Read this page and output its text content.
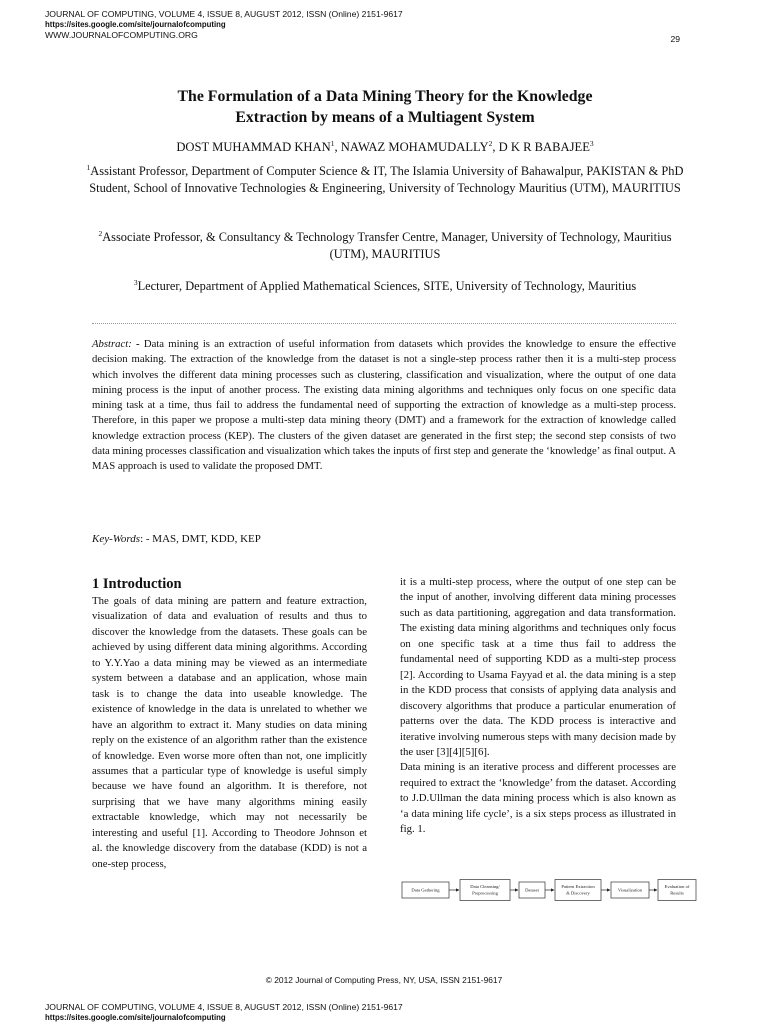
JOURNAL OF COMPUTING, VOLUME 4, ISSUE 8, AUGUST 2012, ISSN (Online) 2151-9617
https://sites.google.com/site/journalofcomputing
WWW.JOURNALOFCOMPUTING.ORG	29
The Formulation of a Data Mining Theory for the Knowledge
Extraction by means of a Multiagent System
DOST MUHAMMAD KHAN$^1$, NAWAZ MOHAMUDALLY$^2$, D K R BABAJEE$^3$
$^1$Assistant Professor, Department of Computer Science & IT, The Islamia University of Bahawalpur, PAKISTAN & PhD Student, School of Innovative Technologies & Engineering, University of Technology Mauritius (UTM), MAURITIUS
$^2$Associate Professor, & Consultancy & Technology Transfer Centre, Manager, University of Technology, Mauritius (UTM), MAURITIUS
$^3$Lecturer, Department of Applied Mathematical Sciences, SITE, University of Technology, Mauritius
Abstract: - Data mining is an extraction of useful information from datasets which provides the knowledge to ensure the effective decision making. The extraction of the knowledge from the dataset is not a single-step process rather then it is a multi-step process which involves the different data mining processes such as clustering, classification and visualization, where the output of one data mining process is the input of another process. The existing data mining algorithms and techniques only focus on one specific data mining task at a time, thus fail to address the fundamental need of supporting the extraction of knowledge as a multi-step process. Therefore, in this paper we propose a multi-step data mining theory (DMT) and a framework for the extraction of knowledge called knowledge extraction process (KEP). The clusters of the given dataset are generated in the first step; the second step consists of two data mining processes classification and visualization which takes the inputs of first step and generate the ‘knowledge’ as final output. A MAS approach is used to validate the proposed DMT.
Key-Words: - MAS, DMT, KDD, KEP
1 Introduction
The goals of data mining are pattern and feature extraction, visualization of data and evaluation of results and thus to discover the knowledge from the datasets. These goals can be achieved by using different data mining algorithms. According to Y.Y.Yao a data mining may be viewed as an intermediate system between a database and an application, whose main task is to change the data into useable knowledge. The existence of knowledge in the data is unrelated to whether we have an algorithm to extract it. Many studies on data mining reply on the existence of an algorithm rather than the existence of knowledge. Even worse more often than not, one implicitly assumes that a particular type of knowledge is useful simply because we have found an algorithm. It is therefore, not surprising that we have many algorithms mining easily extractable knowledge, which may not necessarily be interesting and useful [1]. According to Theodore Johnson et al. the knowledge discovery from the database (KDD) is not a one-step process,
it is a multi-step process, where the output of one step can be the input of another, involving different data mining processes such as data partitioning, aggregation and data transformation. The existing data mining algorithms and techniques only focus on one specific task at a time thus fail to address the fundamental need of supporting KDD as a multi-step process [2]. According to Usama Fayyad et al. the data mining is a step in the KDD process that consists of applying data analysis and discovery algorithms that produce a particular enumeration of patterns over the data. The KDD process is interactive and iterative involving numerous steps with many decision made by the user [3][4][5][6].
Data mining is an iterative process and different processes are required to extract the ‘knowledge’ from the dataset. According to J.D.Ullman the data mining process which is also known as ‘a data mining life cycle’, is a six steps process as illustrated in fig. 1.
Data Gathering
Data Cleansing/
Preprocessing
Dataset
Pattern Extraction
& Discovery
Visualization
Evaluation of
Results
© 2012 Journal of Computing Press, NY, USA, ISSN 2151-9617
JOURNAL OF COMPUTING, VOLUME 4, ISSUE 8, AUGUST 2012, ISSN (Online) 2151-9617
https://sites.google.com/site/journalofcomputing
